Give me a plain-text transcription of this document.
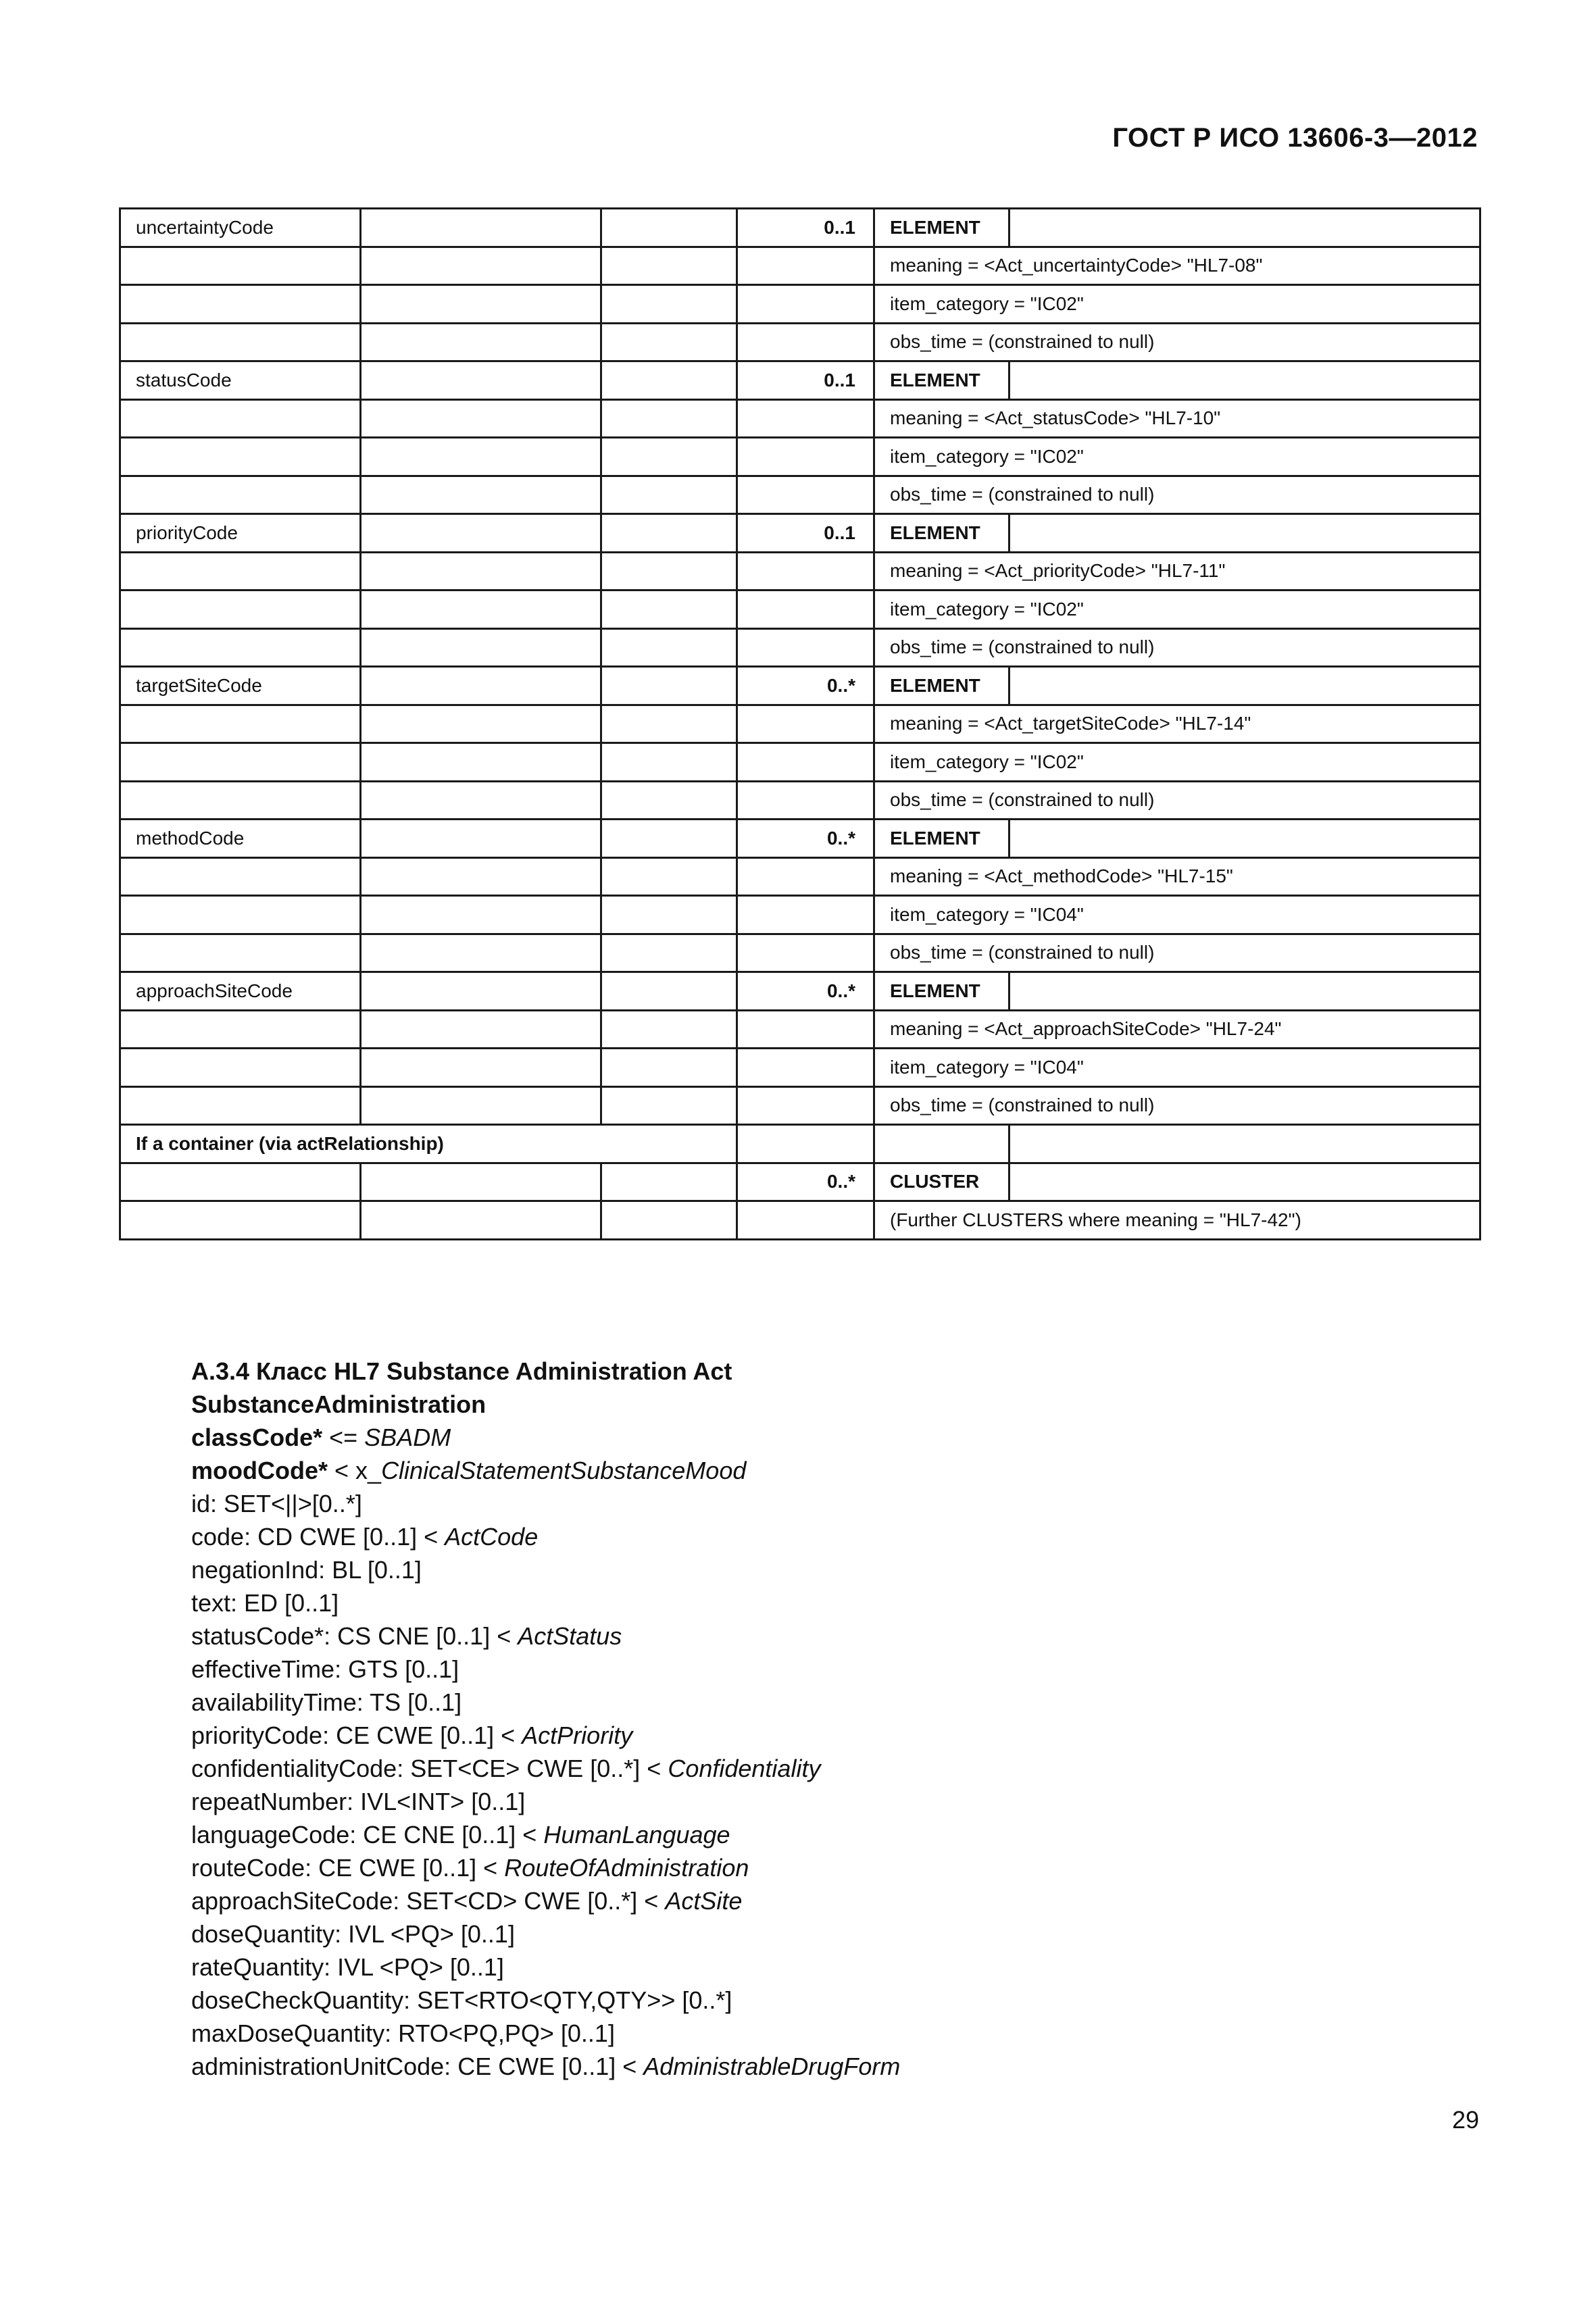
ГОСТ Р ИСО 13606-3—2012
uncertaintyCode			0..1	ELEMENT	
				meaning = <Act_uncertaintyCode> "HL7-08"	
				item_category = "IC02"	
				obs_time = (constrained to null)	
statusCode			0..1	ELEMENT	
				meaning = <Act_statusCode> "HL7-10"	
				item_category = "IC02"	
				obs_time = (constrained to null)	
priorityCode			0..1	ELEMENT	
				meaning = <Act_priorityCode> "HL7-11"	
				item_category = "IC02"	
				obs_time = (constrained to null)	
targetSiteCode			0..*	ELEMENT	
				meaning = <Act_targetSiteCode> "HL7-14"	
				item_category = "IC02"	
				obs_time = (constrained to null)	
methodCode			0..*	ELEMENT	
				meaning = <Act_methodCode> "HL7-15"	
				item_category = "IC04"	
				obs_time = (constrained to null)	
approachSiteCode			0..*	ELEMENT	
				meaning = <Act_approachSiteCode> "HL7-24"	
				item_category = "IC04"	
				obs_time = (constrained to null)	
If a container (via actRelationship)					
			0..*	CLUSTER	
				(Further CLUSTERS where meaning = "HL7-42")	
A.3.4 Класс HL7 Substance Administration Act
SubstanceAdministration
classCode* <= SBADM
moodCode* < x_ClinicalStatementSubstanceMood
id: SET<||>[0..*]
code: CD CWE [0..1] < ActCode
negationInd: BL [0..1]
text: ED [0..1]
statusCode*: CS CNE [0..1] < ActStatus
effectiveTime: GTS [0..1]
availabilityTime: TS [0..1]
priorityCode: CE CWE [0..1] < ActPriority
confidentialityCode: SET<CE> CWE [0..*] < Confidentiality
repeatNumber: IVL<INT> [0..1]
languageCode: CE CNE [0..1] < HumanLanguage
routeCode: CE CWE [0..1] < RouteOfAdministration
approachSiteCode: SET<CD> CWE [0..*] < ActSite
doseQuantity: IVL <PQ> [0..1]
rateQuantity: IVL <PQ> [0..1]
doseCheckQuantity: SET<RTO<QTY,QTY>> [0..*]
maxDoseQuantity: RTO<PQ,PQ> [0..1]
administrationUnitCode: CE CWE [0..1] < AdministrableDrugForm
29
